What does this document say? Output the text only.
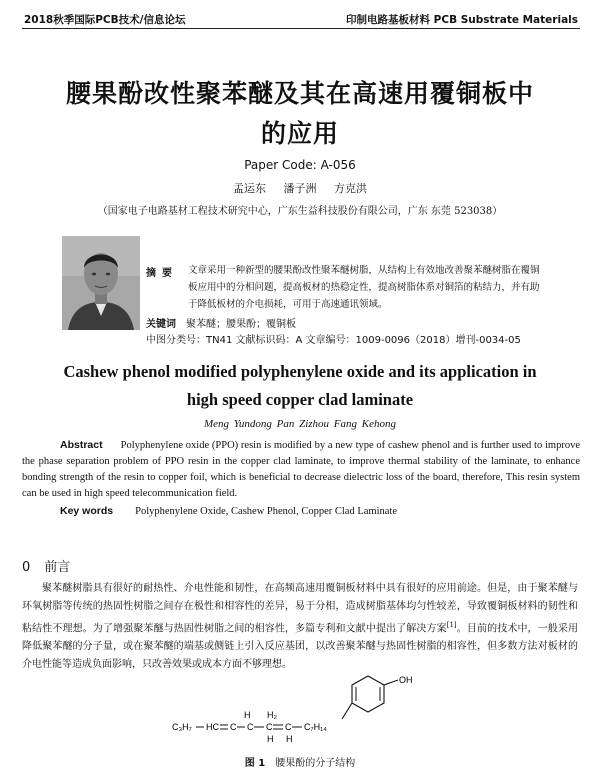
2018秋季国际PCB技术/信息论坛	印制电路基板材料 PCB Substrate Materials
腰果酚改性聚苯醚及其在高速用覆铜板中
的应用
Paper Code: A-056
孟运东 潘子洲 方克洪
（国家电子电路基材工程技术研究中心，广东生益科技股份有限公司，广东 东莞 523038）
摘要 文章采用一种新型的腰果酚改性聚苯醚树脂，从结构上有效地改善聚苯醚树脂在覆铜板应用中的分相问题，提高板材的热稳定性，提高树脂体系对铜箔的粘结力，并有助于降低板材的介电损耗，可用于高速通讯领域。
关键词 聚苯醚；腰果酚；覆铜板
中图分类号：TN41 文献标识码：A 文章编号：1009-0096（2018）增刊-0034-05
Cashew phenol modified polyphenylene oxide and its application in
high speed copper clad laminate
Meng Yundong Pan Zizhou Fang Kehong
Abstract Polyphenylene oxide (PPO) resin is modified by a new type of cashew phenol and is further used to improve the phase separation problem of PPO resin in the copper clad laminate, to improve thermal stability of the laminate, to enhance bonding strength of the resin to copper foil, which is beneficial to decrease dielectric loss of the board, therefore, This resin system can be used in high speed telecommunication field.
Key words Polyphenylene Oxide, Cashew Phenol, Copper Clad Laminate
0 前言
聚苯醚树脂具有很好的耐热性、介电性能和韧性，在高频高速用覆铜板材料中具有很好的应用前途。但是，由于聚苯醚与环氧树脂等传统的热固性树脂之间存在极性和相容性的差异，易于分相，造成树脂基体均匀性较差，导致覆铜板材料的韧性和粘结性不理想。为了增强聚苯醚与热固性树脂之间的相容性，多篇专利和文献中提出了解决方案[1]。目前的技术中，一般采用降低聚苯醚的分子量，或在聚苯醚的端基或侧链上引入反应基团，以改善聚苯醚与热固性树脂的相容性，但多数方法对板材的介电性能等造成负面影响，只改善效果或成本方面不够理想。
OH
C₃H₇ HC
H
C
H₂
C C
H
C
H
C₇H₁₄
图 1 腰果酚的分子结构
